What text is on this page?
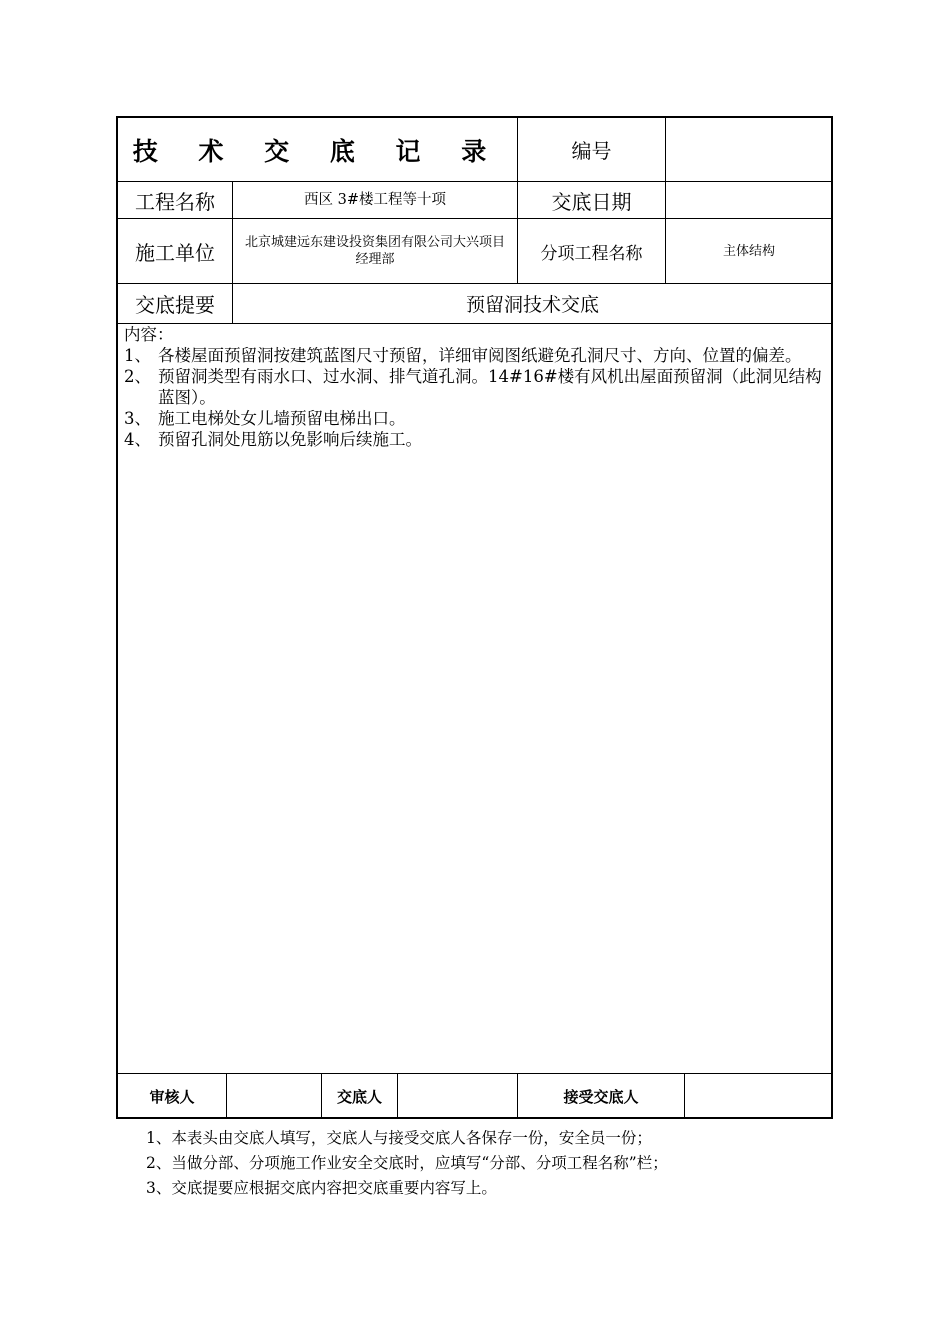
技 术 交 底 记 录	编号
工程名称	西区 3#楼工程等十项	交底日期
施工单位	北京城建远东建设投资集团有限公司大兴项目经理部	分项工程名称	主体结构
交底提要	预留洞技术交底
内容：
1、 各楼屋面预留洞按建筑蓝图尺寸预留，详细审阅图纸避免孔洞尺寸、方向、位置的偏差。
2、 预留洞类型有雨水口、过水洞、排气道孔洞。14#16#楼有风机出屋面预留洞（此洞见结构蓝图）。
3、 施工电梯处女儿墙预留电梯出口。
4、 预留孔洞处甩筋以免影响后续施工。
审核人	交底人	接受交底人
1、本表头由交底人填写，交底人与接受交底人各保存一份，安全员一份；
2、当做分部、分项施工作业安全交底时，应填写“分部、分项工程名称”栏；
3、交底提要应根据交底内容把交底重要内容写上。
